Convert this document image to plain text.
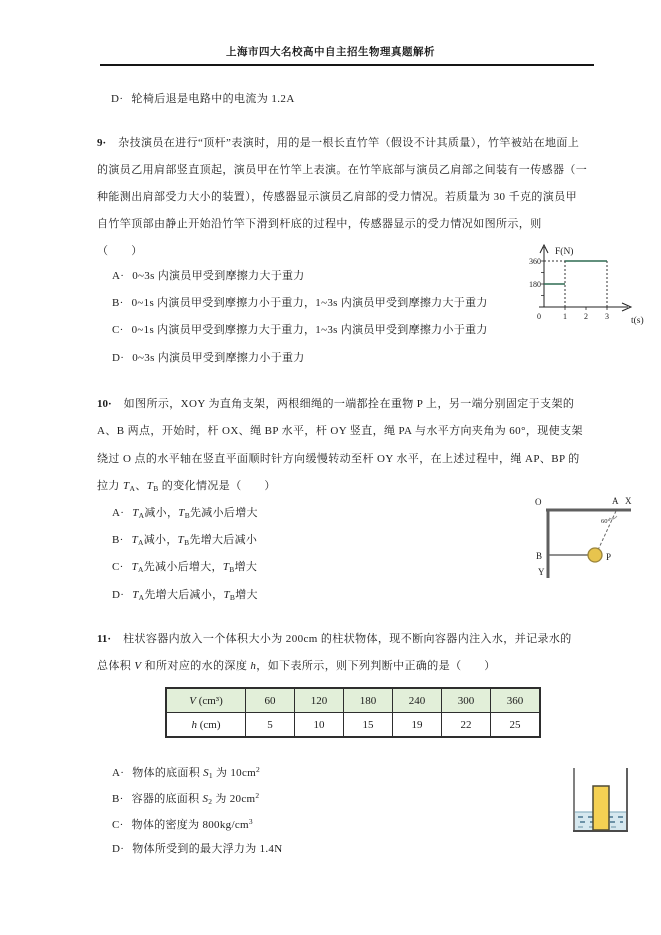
上海市四大名校高中自主招生物理真题解析
D· 轮椅后退是电路中的电流为 1.2A
9· 杂技演员在进行“顶杆”表演时，用的是一根长直竹竿（假设不计其质量），竹竿被站在地面上
的演员乙用肩部竖直顶起，演员甲在竹竿上表演。在竹竿底部与演员乙肩部之间装有一传感器（一
种能测出肩部受力大小的装置），传感器显示演员乙肩部的受力情况。若质量为 30 千克的演员甲
自竹竿顶部由静止开始沿竹竿下滑到杆底的过程中，传感器显示的受力情况如图所示，则
（　　）
A· 0~3s 内演员甲受到摩擦力大于重力
B· 0~1s 内演员甲受到摩擦力小于重力，1~3s 内演员甲受到摩擦力大于重力
C· 0~1s 内演员甲受到摩擦力大于重力，1~3s 内演员甲受到摩擦力小于重力
D· 0~3s 内演员甲受到摩擦力小于重力
F(N)
360
180
0	1 2 3 t(s)
10· 如图所示，XOY 为直角支架，两根细绳的一端都拴在重物 P 上，另一端分别固定于支架的
A、B 两点，开始时，杆 OX、绳 BP 水平，杆 OY 竖直，绳 PA 与水平方向夹角为 60°，现使支架
绕过 O 点的水平轴在竖直平面顺时针方向缓慢转动至杆 OY 水平，在上述过程中，绳 AP、BP 的
拉力 $T_A$、$T_B$ 的变化情况是（　　）
$A\cdot T_A$减小，$T_B$先减小后增大
$B\cdot T_A$减小，$T_B$先增大后减小
$C\cdot T_A$先减小后增大，$T_B$增大
$D\cdot T_A$先增大后减小，$T_B$增大
O	A X
B
Y
P
60°
11· 柱状容器内放入一个体积大小为 200cm 的柱状物体，现不断向容器内注入水，并记录水的
总体积 V 和所对应的水的深度 h，如下表所示，则下列判断中正确的是（　　）
V (cm³)	60	120	180	240	300	360
h (cm)	5	10	15	19	22	25
A· 物体的底面积 $S_1$ 为 $10cm^2$
B· 容器的底面积 $S_2$ 为 $20cm^2$
C· 物体的密度为 $800kg/cm^3$
D· 物体所受到的最大浮力为 1.4N
